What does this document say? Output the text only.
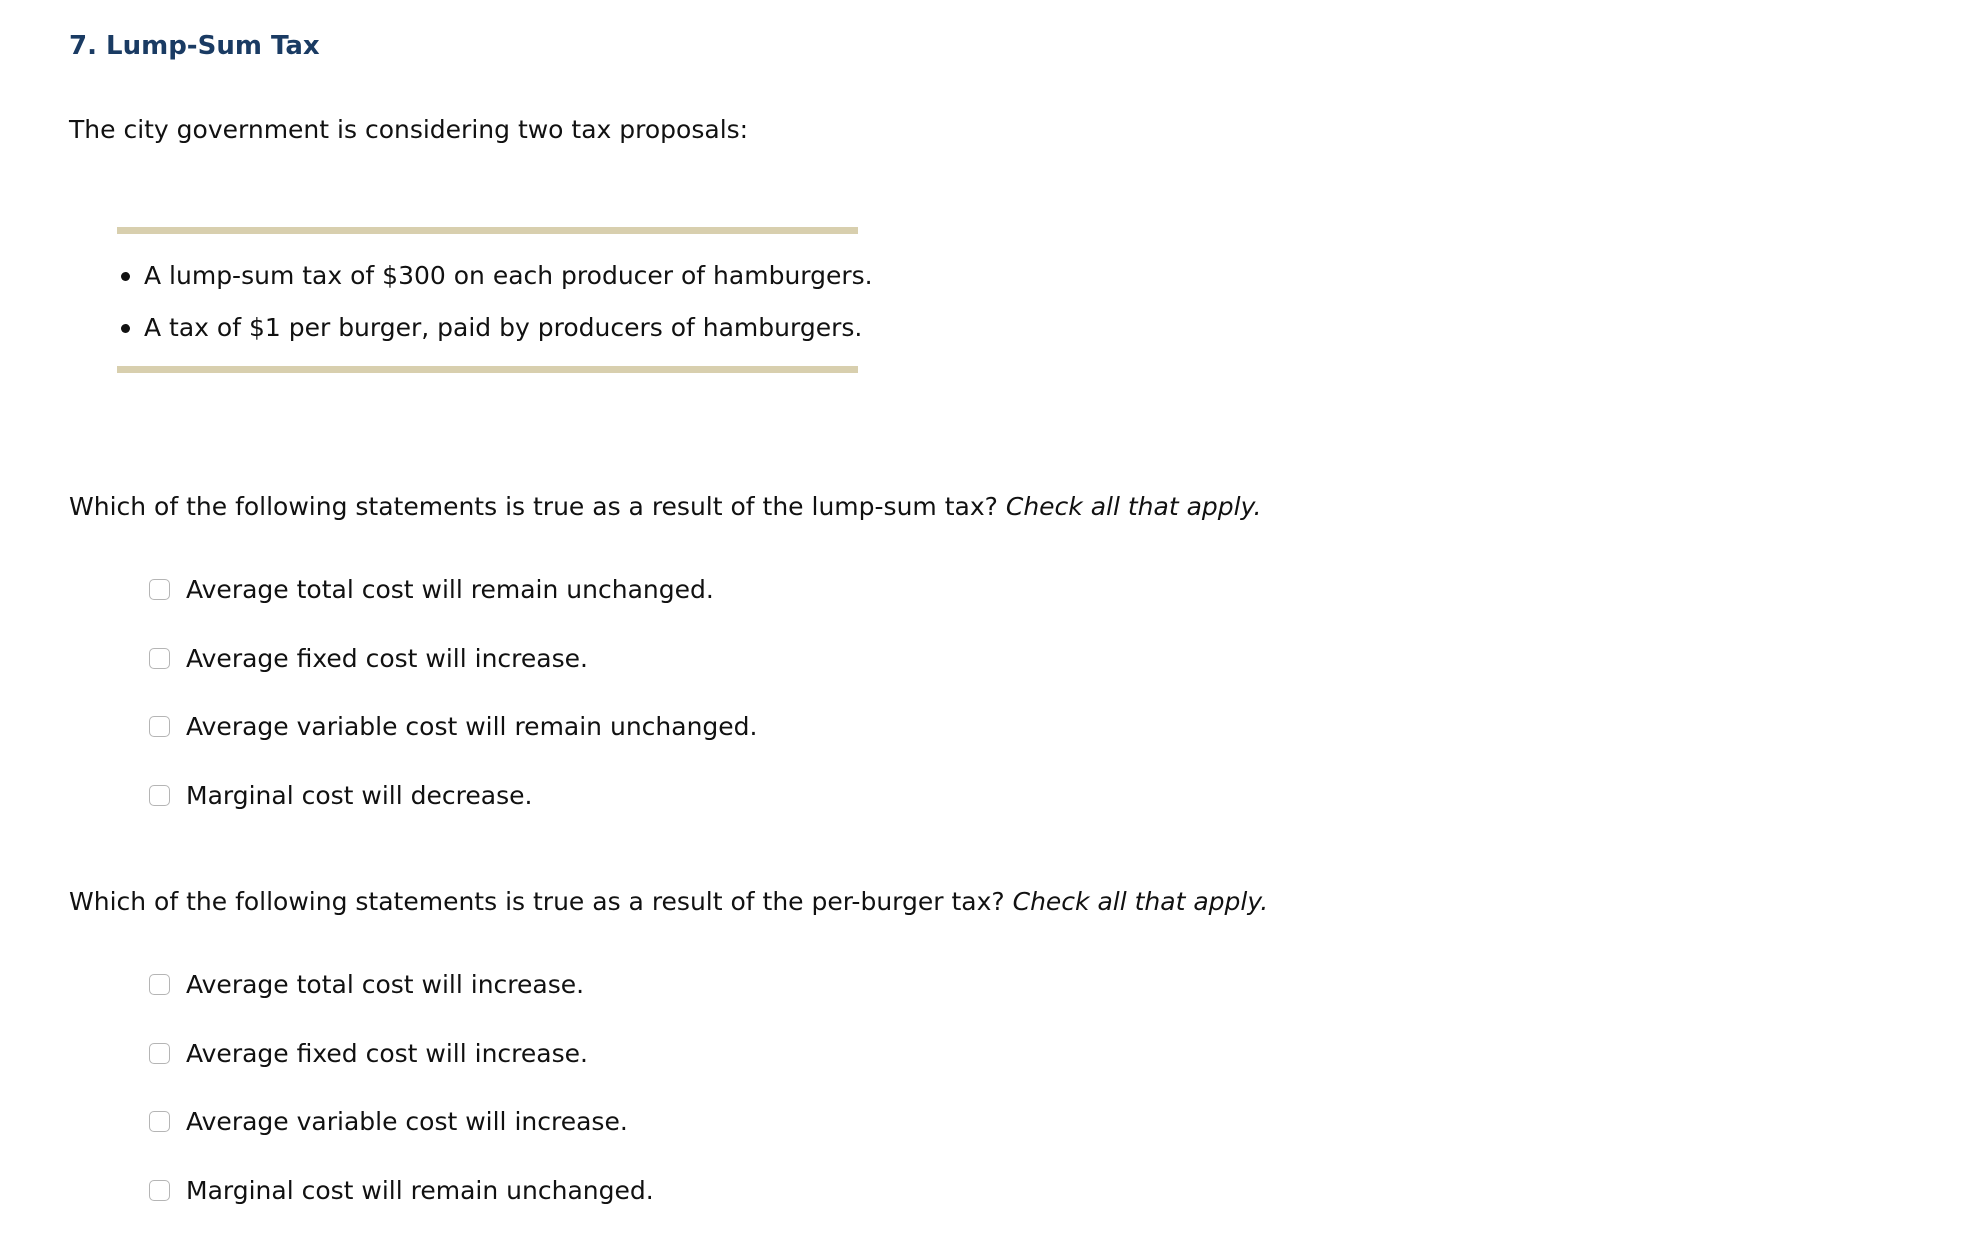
7. Lump-Sum Tax

The city government is considering two tax proposals:

A lump-sum tax of $300 on each producer of hamburgers.
A tax of $1 per burger, paid by producers of hamburgers.

Which of the following statements is true as a result of the lump-sum tax? Check all that apply.

Average total cost will remain unchanged.
Average fixed cost will increase.
Average variable cost will remain unchanged.
Marginal cost will decrease.

Which of the following statements is true as a result of the per-burger tax? Check all that apply.

Average total cost will increase.
Average fixed cost will increase.
Average variable cost will increase.
Marginal cost will remain unchanged.
